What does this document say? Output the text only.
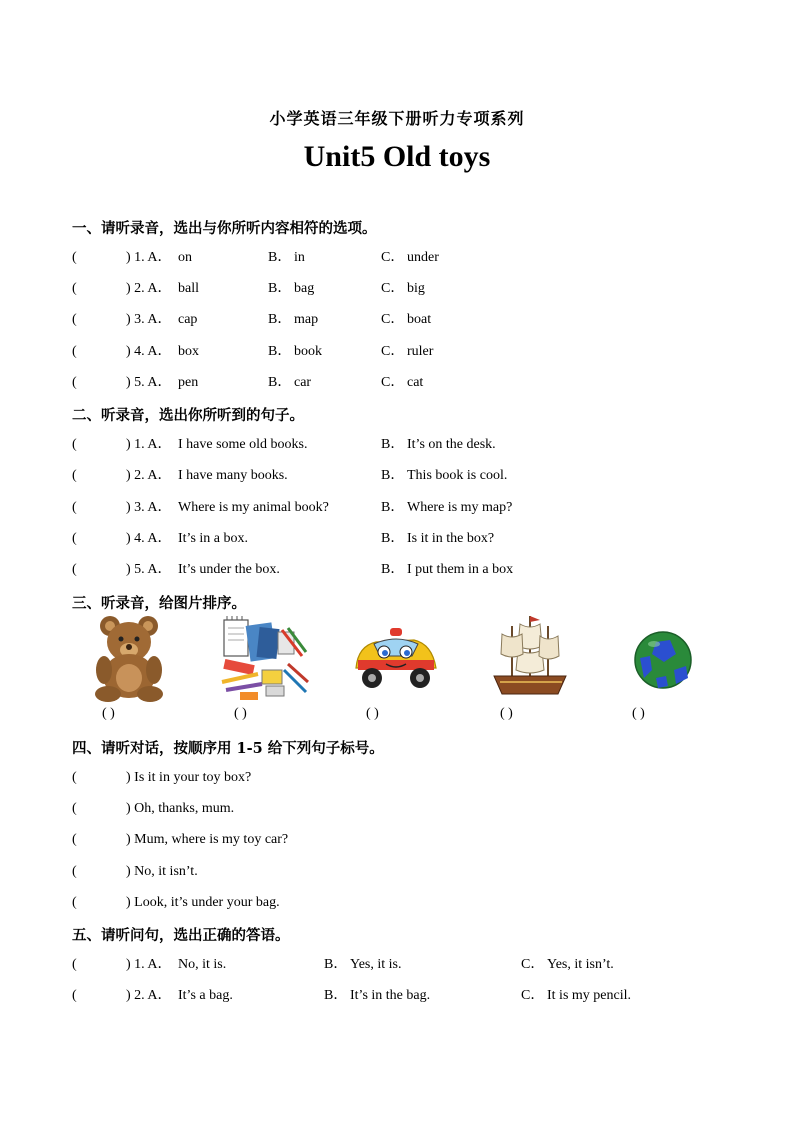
小学英语三年级下册听力专项系列
Unit5 Old toys
一、请听录音，选出与你所听内容相符的选项。
(	) 1. A． on	B． in	C． under
(	) 2. A． ball	B． bag	C． big
(	) 3. A． cap	B． map	C． boat
(	) 4. A． box	B． book	C． ruler
(	) 5. A． pen	B． car	C． cat
二、听录音，选出你所听到的句子。
(	) 1. A． I have some old books.	B． It’s on the desk.
(	) 2. A． I have many books.	B． This book is cool.
(	) 3. A． Where is my animal book?	B． Where is my map?
(	) 4. A． It’s in a box.	B． Is it in the box?
(	) 5. A． It’s under the box.	B． I put them in a box
三、听录音，给图片排序。
( )	( )	( )	( )	( )
四、请听对话，按顺序用 1-5 给下列句子标号。
(	) Is it in your toy box?
(	) Oh, thanks, mum.
(	) Mum, where is my toy car?
(	) No, it isn’t.
(	) Look, it’s under your bag.
五、请听问句，选出正确的答语。
(	) 1. A． No, it is.	B． Yes, it is.	C． Yes, it isn’t.
(	) 2. A． It’s a bag.	B． It’s in the bag.	C． It is my pencil.
